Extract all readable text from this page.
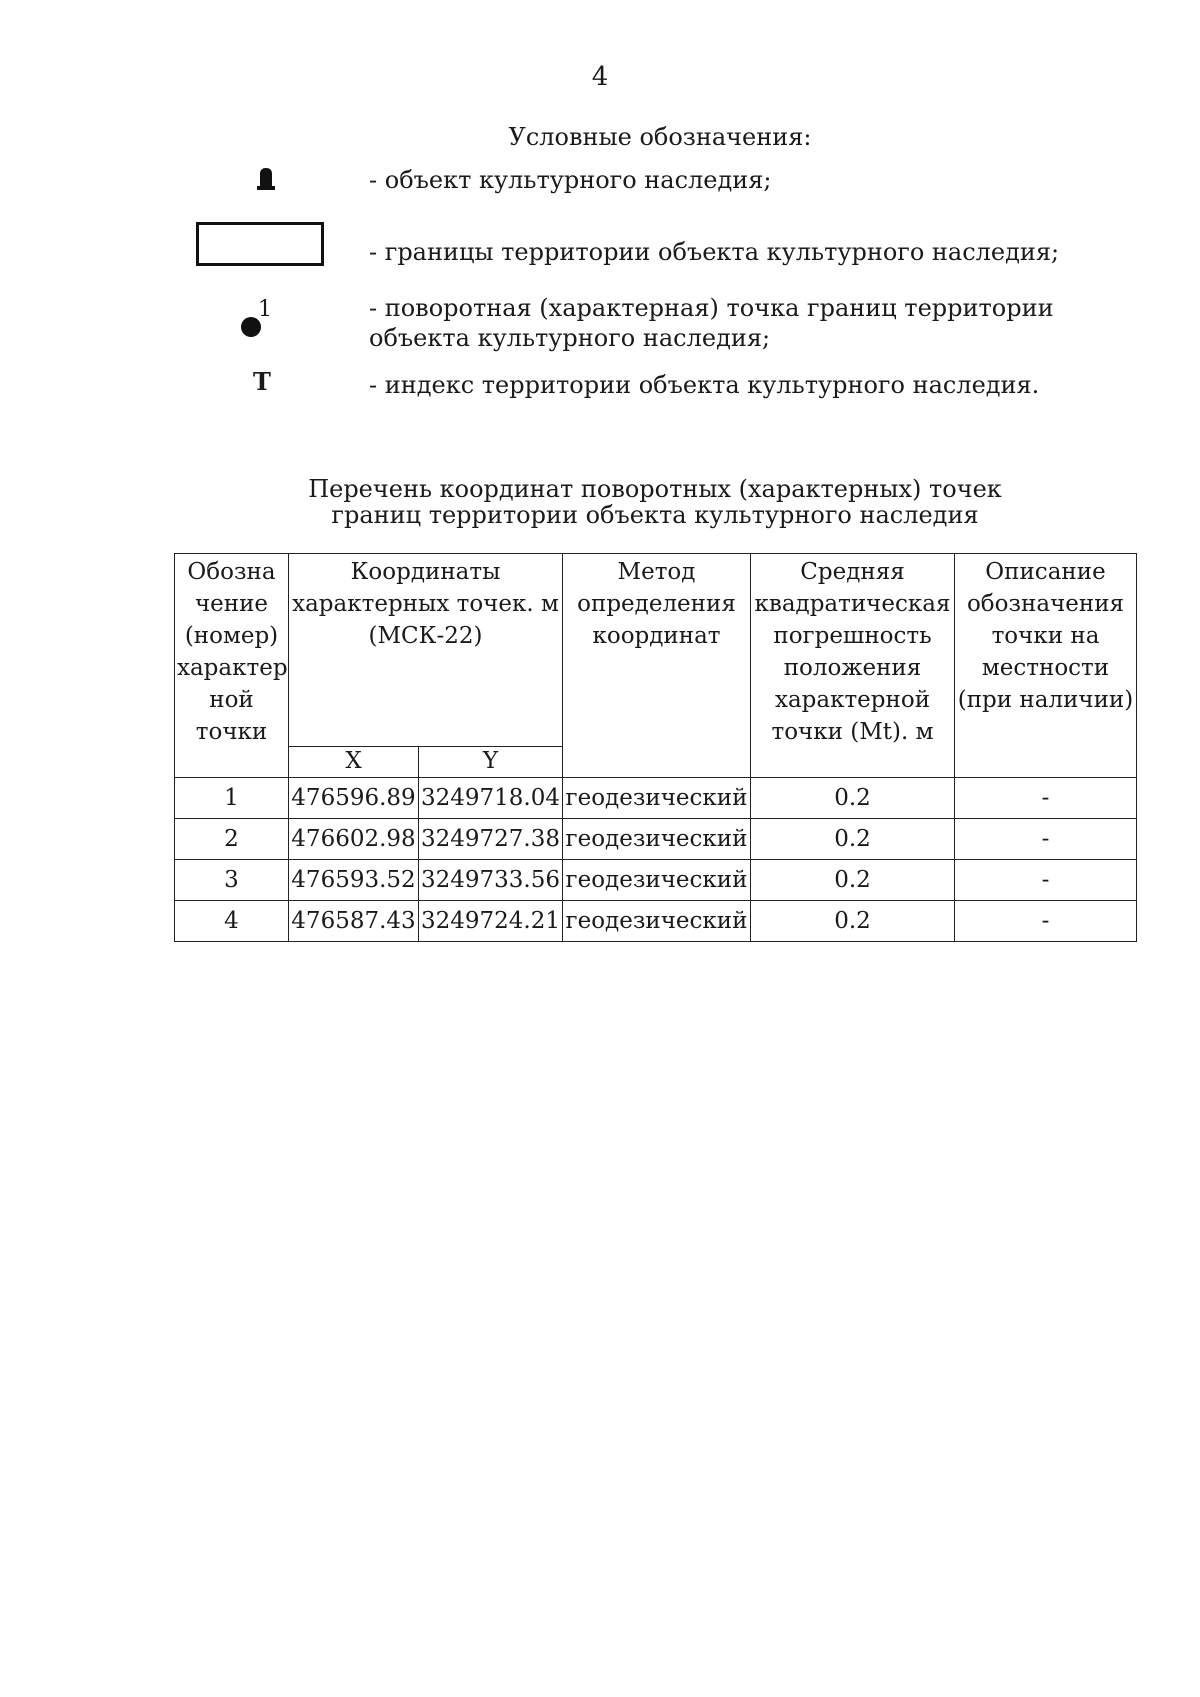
4
Условные обозначения:
- объект культурного наследия;
- границы территории объекта культурного наследия;
1	- поворотная (характерная) точка границ территории объекта культурного наследия;
Т	- индекс территории объекта культурного наследия.
Перечень координат поворотных (характерных) точек
границ территории объекта культурного наследия
Обозна чение (номер) характер ной точки	Координаты характерных точек. м (МСК-22)		Метод определения координат	Средняя квадратическая погрешность положения характерной точки (Mt). м	Описание обозначения точки на местности (при наличии)
	X	Y			
1	476596.89	3249718.04	геодезический	0.2	-
2	476602.98	3249727.38	геодезический	0.2	-
3	476593.52	3249733.56	геодезический	0.2	-
4	476587.43	3249724.21	геодезический	0.2	-
